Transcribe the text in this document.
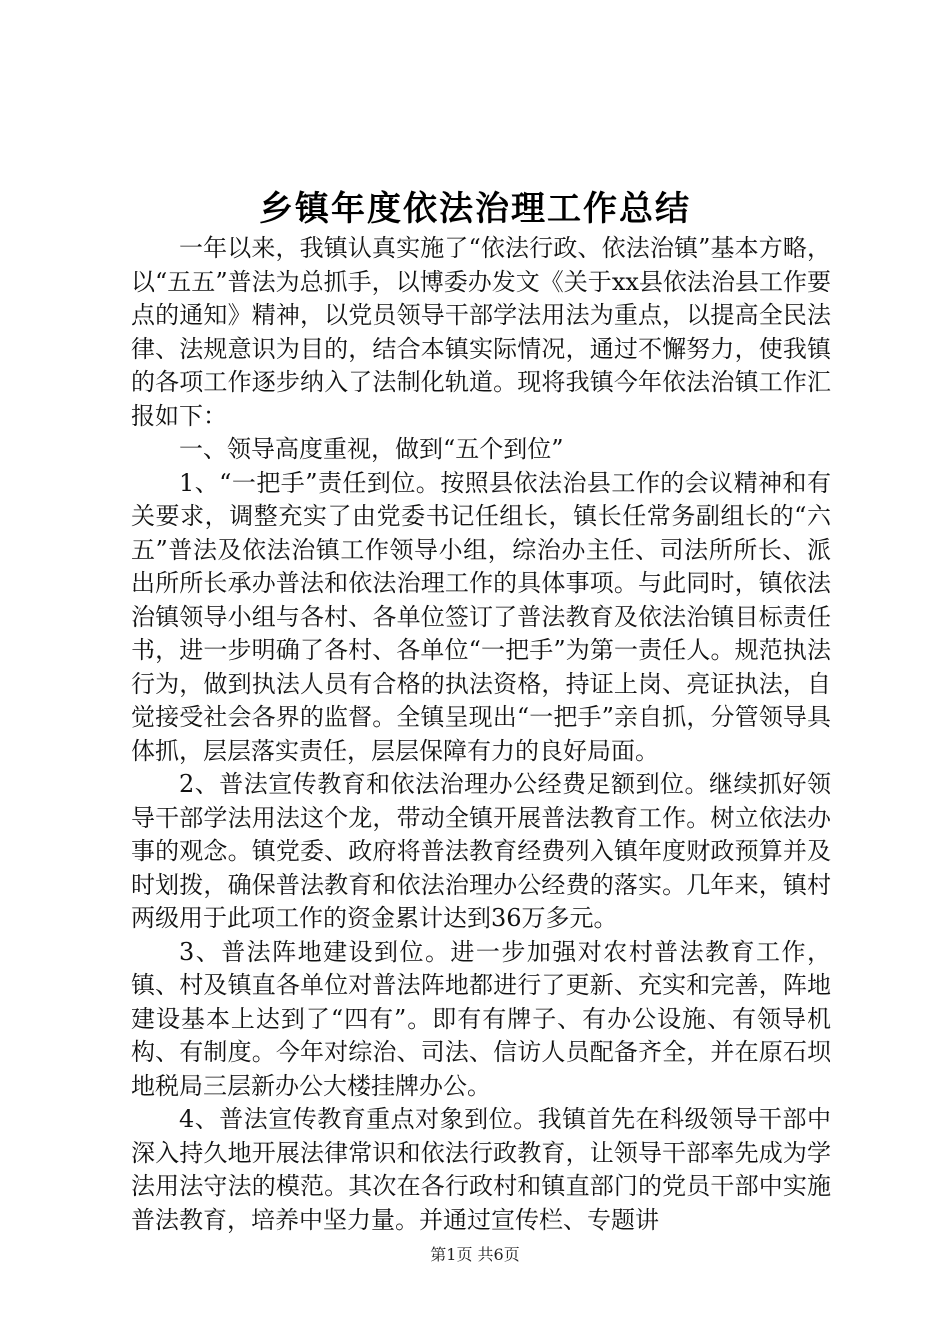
乡镇年度依法治理工作总结

一年以来，我镇认真实施了“依法行政、依法治镇”基本方略，以“五五”普法为总抓手，以博委办发文《关于xx县依法治县工作要点的通知》精神，以党员领导干部学法用法为重点，以提高全民法律、法规意识为目的，结合本镇实际情况，通过不懈努力，使我镇的各项工作逐步纳入了法制化轨道。现将我镇今年依法治镇工作汇报如下：

一、领导高度重视，做到“五个到位”

1、“一把手”责任到位。按照县依法治县工作的会议精神和有关要求，调整充实了由党委书记任组长，镇长任常务副组长的“六五”普法及依法治镇工作领导小组，综治办主任、司法所所长、派出所所长承办普法和依法治理工作的具体事项。与此同时，镇依法治镇领导小组与各村、各单位签订了普法教育及依法治镇目标责任书，进一步明确了各村、各单位“一把手”为第一责任人。规范执法行为，做到执法人员有合格的执法资格，持证上岗、亮证执法，自觉接受社会各界的监督。全镇呈现出“一把手”亲自抓，分管领导具体抓，层层落实责任，层层保障有力的良好局面。

2、普法宣传教育和依法治理办公经费足额到位。继续抓好领导干部学法用法这个龙，带动全镇开展普法教育工作。树立依法办事的观念。镇党委、政府将普法教育经费列入镇年度财政预算并及时划拨，确保普法教育和依法治理办公经费的落实。几年来，镇村两级用于此项工作的资金累计达到36万多元。

3、普法阵地建设到位。进一步加强对农村普法教育工作，镇、村及镇直各单位对普法阵地都进行了更新、充实和完善，阵地建设基本上达到了“四有”。即有有牌子、有办公设施、有领导机构、有制度。今年对综治、司法、信访人员配备齐全，并在原石坝地税局三层新办公大楼挂牌办公。

4、普法宣传教育重点对象到位。我镇首先在科级领导干部中深入持久地开展法律常识和依法行政教育，让领导干部率先成为学法用法守法的模范。其次在各行政村和镇直部门的党员干部中实施普法教育，培养中坚力量。并通过宣传栏、专题讲

第1页 共6页
